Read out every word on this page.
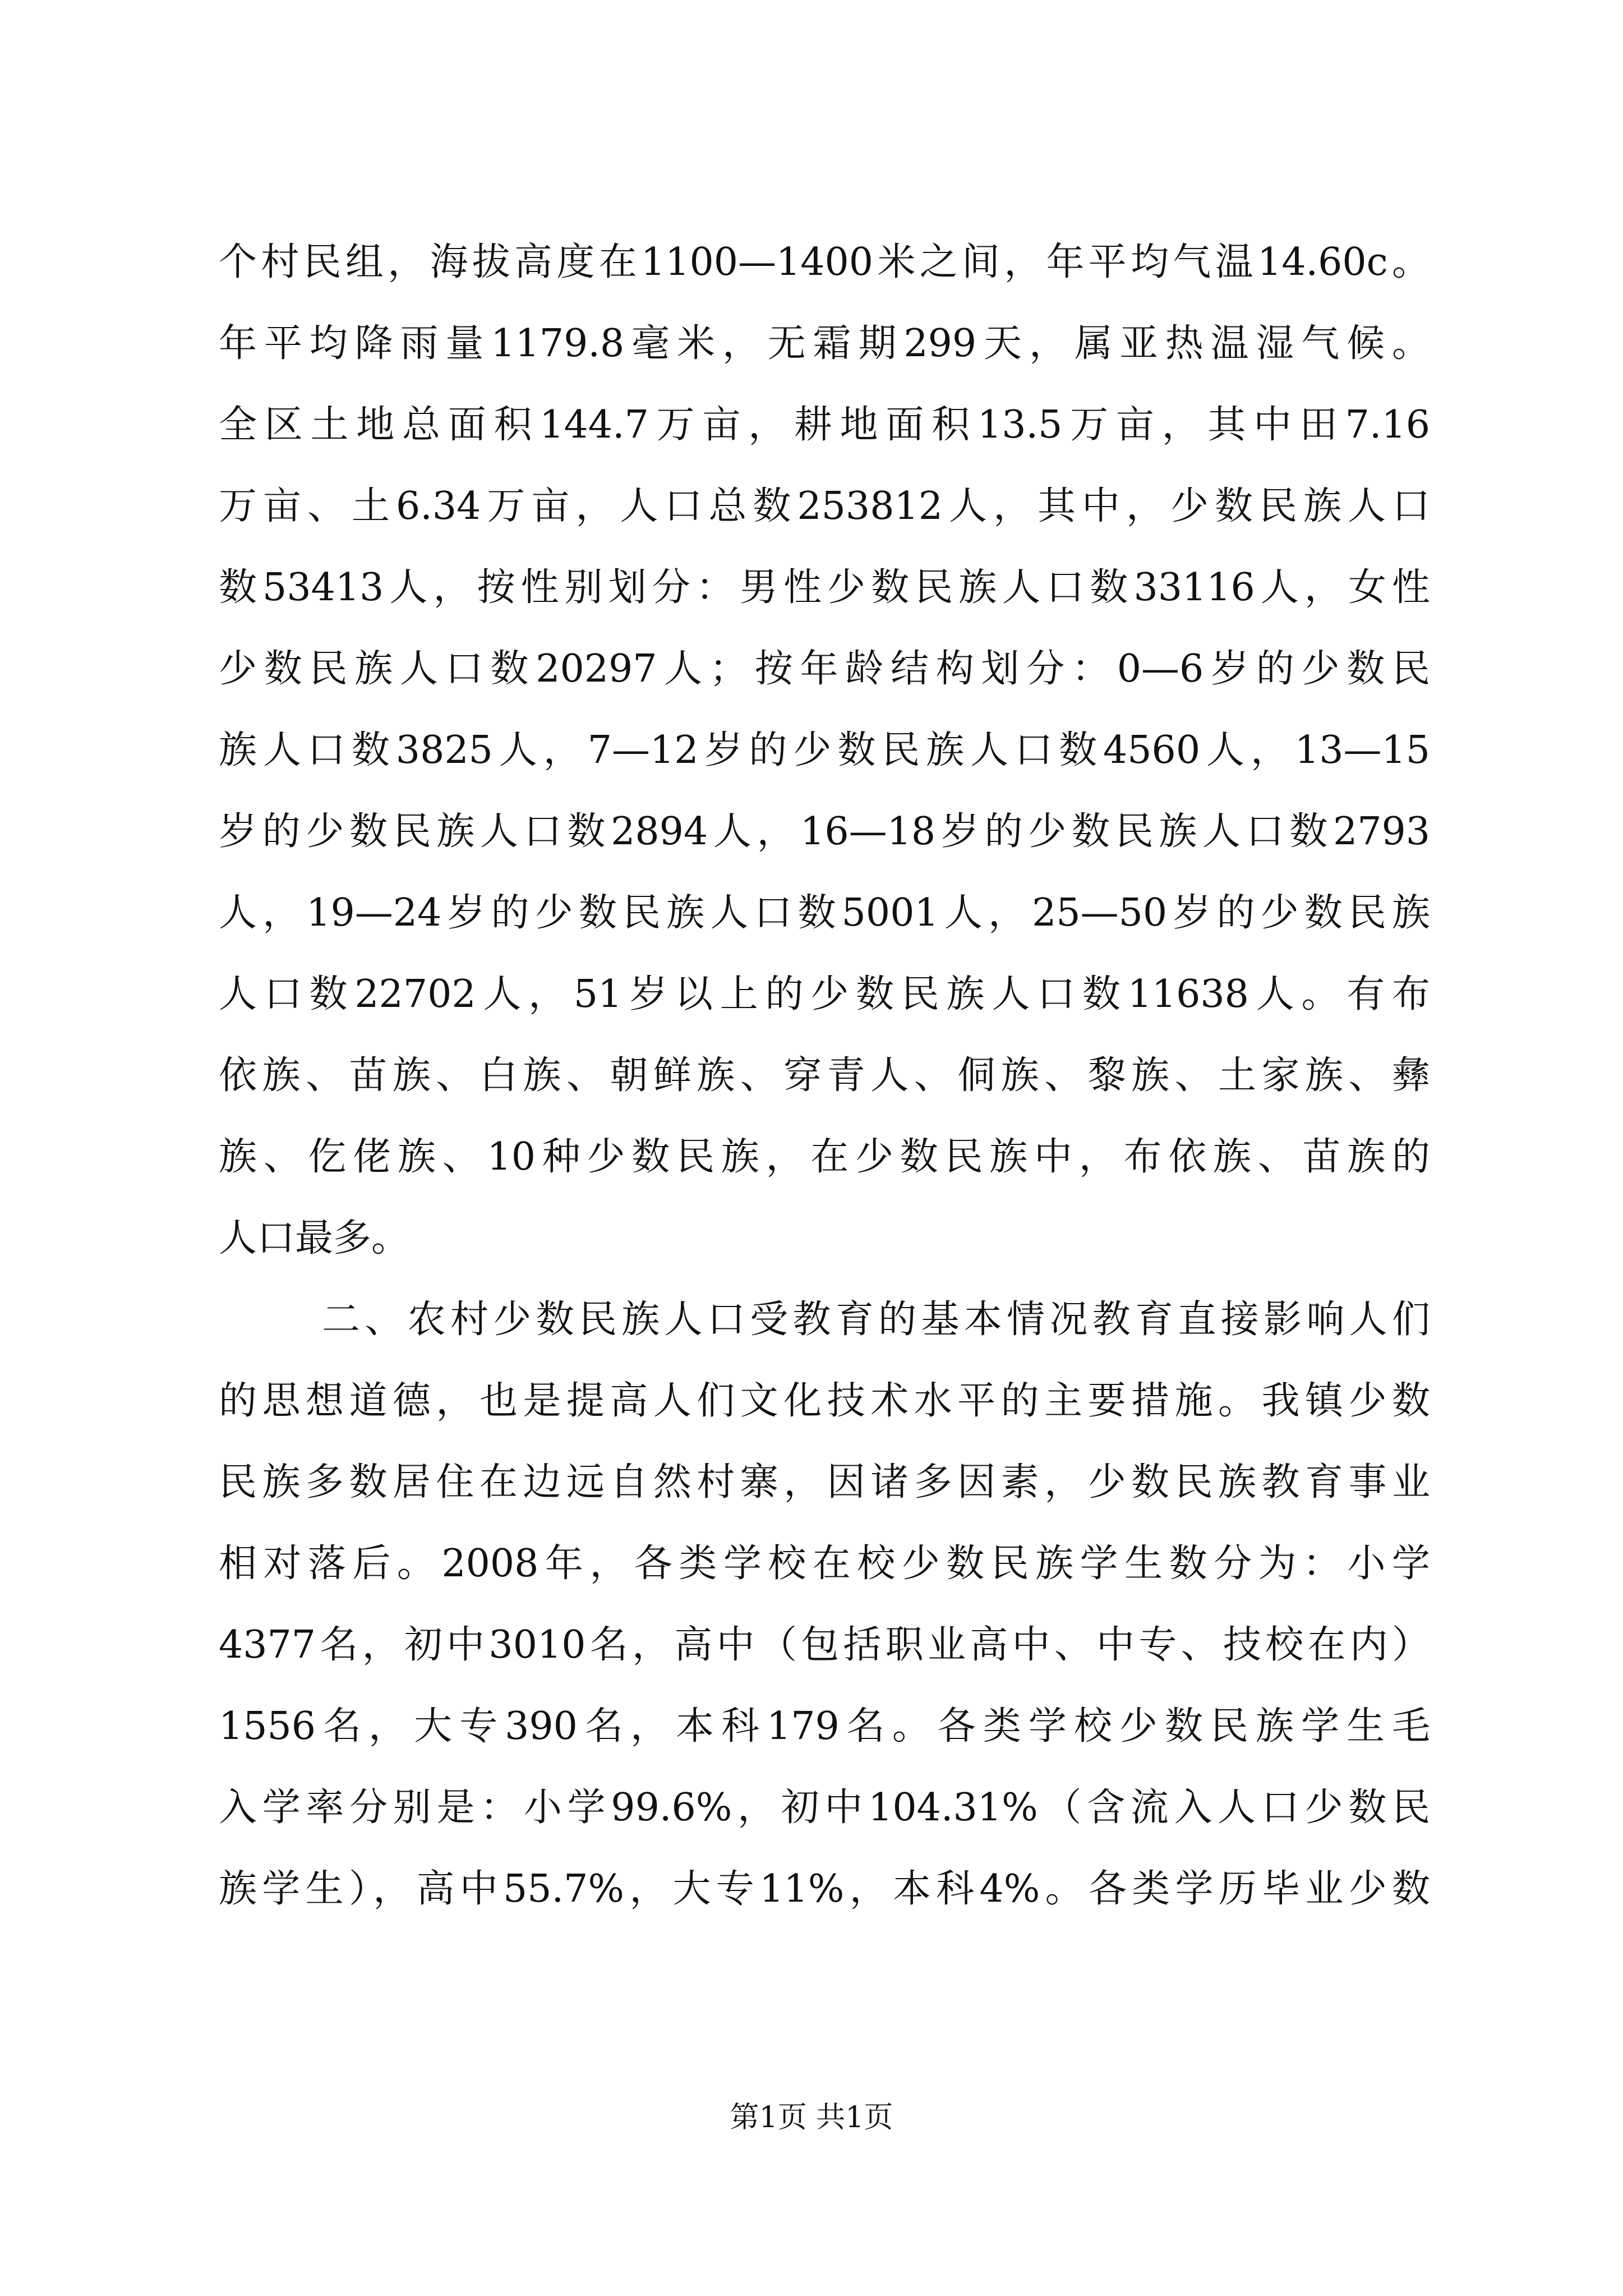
个村民组，海拔高度在1100—1400米之间，年平均气温14.60c。
年平均降雨量1179.8毫米，无霜期299天，属亚热温湿气候。
全区土地总面积144.7万亩，耕地面积13.5万亩，其中田7.16
万亩、土6.34万亩，人口总数253812人，其中，少数民族人口
数53413人，按性别划分：男性少数民族人口数33116人，女性
少数民族人口数20297人；按年龄结构划分：0—6岁的少数民
族人口数3825人，7—12岁的少数民族人口数4560人，13—15
岁的少数民族人口数2894人，16—18岁的少数民族人口数2793
人，19—24岁的少数民族人口数5001人，25—50岁的少数民族
人口数22702人，51岁以上的少数民族人口数11638人。有布
依族、苗族、白族、朝鲜族、穿青人、侗族、黎族、土家族、彝
族、仡佬族、10种少数民族，在少数民族中，布依族、苗族的
人口最多。
二、农村少数民族人口受教育的基本情况教育直接影响人们
的思想道德，也是提高人们文化技术水平的主要措施。我镇少数
民族多数居住在边远自然村寨，因诸多因素，少数民族教育事业
相对落后。2008年，各类学校在校少数民族学生数分为：小学
4377名，初中3010名，高中（包括职业高中、中专、技校在内）
1556名，大专390名，本科179名。各类学校少数民族学生毛
入学率分别是：小学99.6%，初中104.31%（含流入人口少数民
族学生），高中55.7%，大专11%，本科4%。各类学历毕业少数
第1页 共1页
